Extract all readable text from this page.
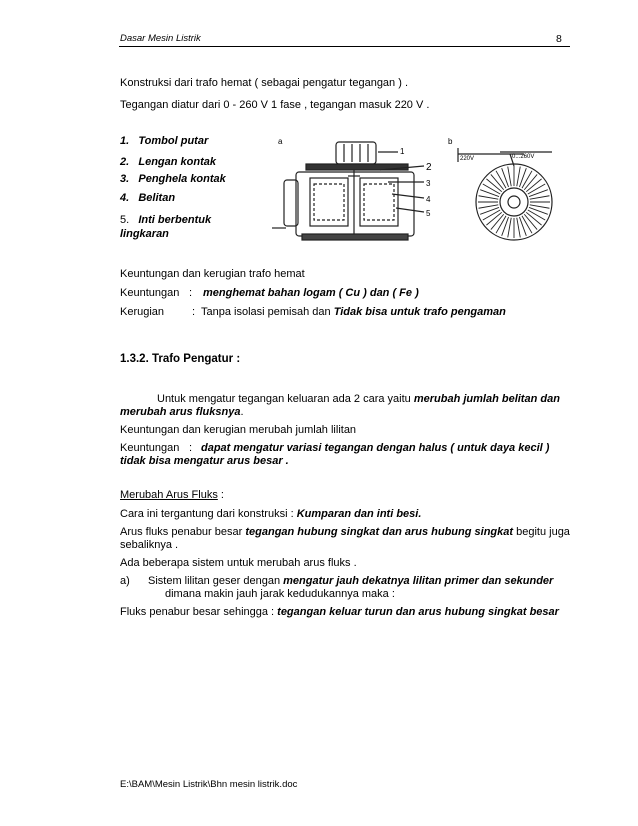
Dasar Mesin Listrik	8
Konstruksi dari trafo hemat ( sebagai pengatur tegangan ) .
Tegangan diatur dari 0 - 260 V 1 fase , tegangan masuk 220 V .
1. Tombol putar
2. Lengan kontak
3. Penghela kontak
4. Belitan
5. Inti berbentuk
lingkaran
a	b
1
2
3
4
5
220V	0...260V
Keuntungan dan kerugian trafo hemat
Keuntungan : menghemat bahan logam ( Cu ) dan ( Fe )
Kerugian	: Tanpa isolasi pemisah dan Tidak bisa untuk trafo pengaman
1.3.2. Trafo Pengatur :
Untuk mengatur tegangan keluaran ada 2 cara yaitu merubah jumlah belitan dan
merubah arus fluksnya.
Keuntungan dan kerugian merubah jumlah lilitan
Keuntungan : dapat mengatur variasi tegangan dengan halus ( untuk daya kecil )
tidak bisa mengatur arus besar .
Merubah Arus Fluks :
Cara ini tergantung dari konstruksi : Kumparan dan inti besi.
Arus fluks penabur besar tegangan hubung singkat dan arus hubung singkat begitu juga
sebaliknya .
Ada beberapa sistem untuk merubah arus fluks .
a) Sistem lilitan geser dengan mengatur jauh dekatnya lilitan primer dan sekunder
dimana makin jauh jarak kedudukannya maka :
Fluks penabur besar sehingga : tegangan keluar turun dan arus hubung singkat besar
E:\BAM\Mesin Listrik\Bhn mesin listrik.doc
